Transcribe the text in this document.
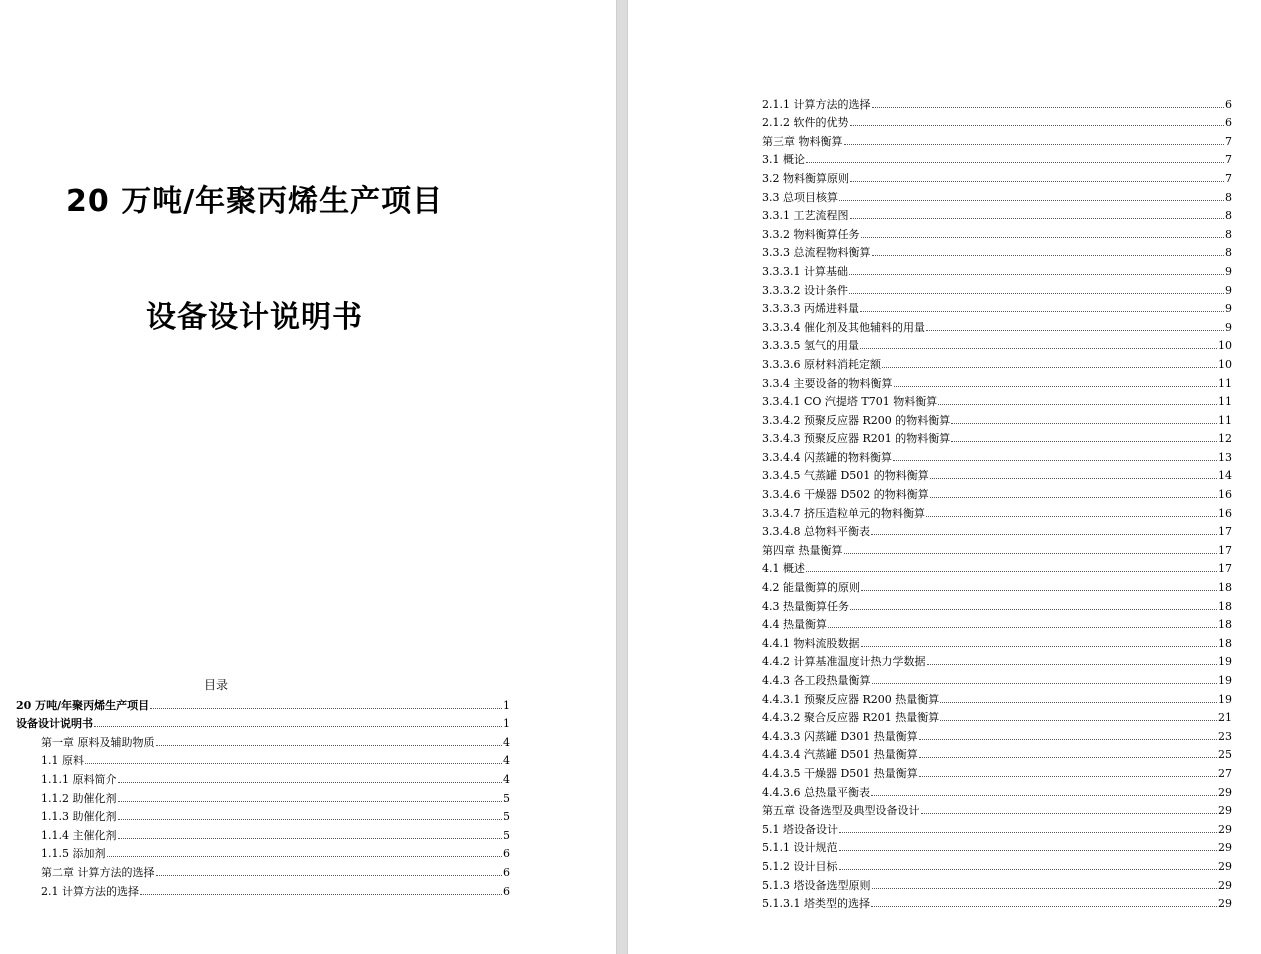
20 万吨/年聚丙烯生产项目
设备设计说明书
目录
20 万吨/年聚丙烯生产项目	1
设备设计说明书	1
第一章 原料及辅助物质	4
1.1 原料	4
1.1.1 原料简介	4
1.1.2 助催化剂	5
1.1.3 助催化剂	5
1.1.4 主催化剂	5
1.1.5 添加剂	6
第二章 计算方法的选择	6
2.1 计算方法的选择	6
2.1.1 计算方法的选择	6
2.1.2 软件的优势	6
第三章 物料衡算	7
3.1 概论	7
3.2 物料衡算原则	7
3.3 总项目核算	8
3.3.1 工艺流程图	8
3.3.2 物料衡算任务	8
3.3.3 总流程物料衡算	8
3.3.3.1 计算基础	9
3.3.3.2 设计条件	9
3.3.3.3 丙烯进料量	9
3.3.3.4 催化剂及其他辅料的用量	9
3.3.3.5 氢气的用量	10
3.3.3.6 原材料消耗定额	10
3.3.4 主要设备的物料衡算	11
3.3.4.1 CO 汽提塔 T701 物料衡算	11
3.3.4.2 预聚反应器 R200 的物料衡算	11
3.3.4.3 预聚反应器 R201 的物料衡算	12
3.3.4.4 闪蒸罐的物料衡算	13
3.3.4.5 气蒸罐 D501 的物料衡算	14
3.3.4.6 干燥器 D502 的物料衡算	16
3.3.4.7 挤压造粒单元的物料衡算	16
3.3.4.8 总物料平衡表	17
第四章 热量衡算	17
4.1 概述	17
4.2 能量衡算的原则	18
4.3 热量衡算任务	18
4.4 热量衡算	18
4.4.1 物料流股数据	18
4.4.2 计算基准温度计热力学数据	19
4.4.3 各工段热量衡算	19
4.4.3.1 预聚反应器 R200 热量衡算	19
4.4.3.2 聚合反应器 R201 热量衡算	21
4.4.3.3 闪蒸罐 D301 热量衡算	23
4.4.3.4 汽蒸罐 D501 热量衡算	25
4.4.3.5 干燥器 D501 热量衡算	27
4.4.3.6 总热量平衡表	29
第五章 设备选型及典型设备设计	29
5.1 塔设备设计	29
5.1.1 设计规范	29
5.1.2 设计目标	29
5.1.3 塔设备选型原则	29
5.1.3.1 塔类型的选择	29
